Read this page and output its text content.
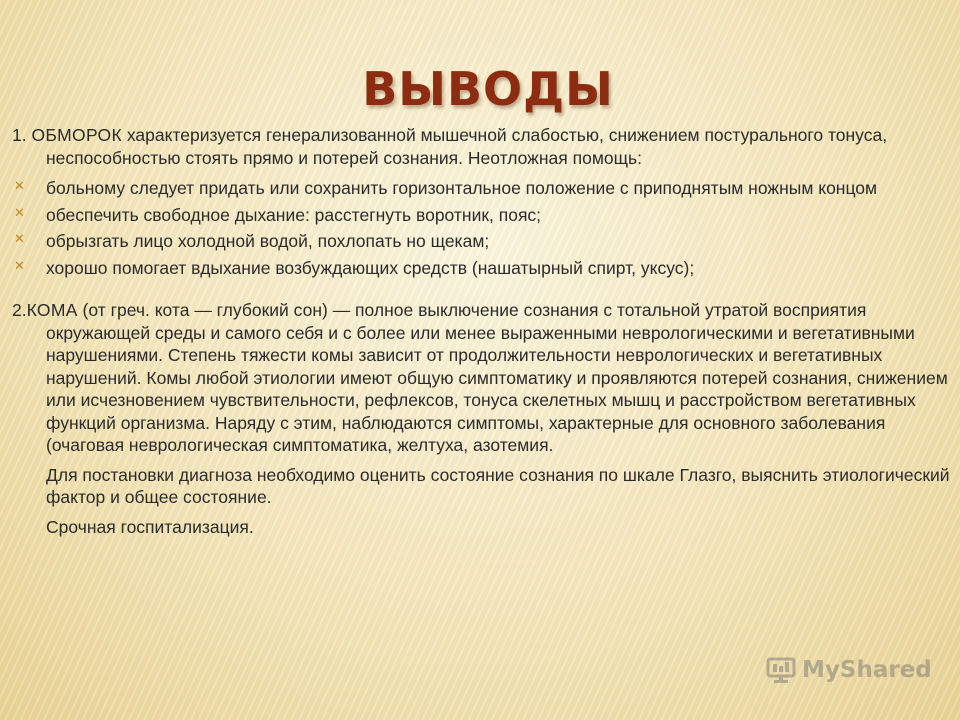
ВЫВОДЫ

1. ОБМОРОК характеризуется генерализованной мышечной слабостью, снижением постурального тонуса, неспособностью стоять прямо и потерей сознания. Неотложная помощь:

✕ больному следует придать или сохранить горизонтальное положение с приподнятым ножным концом
✕ обеспечить свободное дыхание: расстегнуть воротник, пояс;
✕ обрызгать лицо холодной водой, похлопать но щекам;
✕ хорошо помогает вдыхание возбуждающих средств (нашатырный спирт, уксус);

2.КОМА (от греч. кота — глубокий сон) — полное выключение сознания с тотальной утратой восприятия окружающей среды и самого себя и с более или менее выраженными неврологическими и вегетативными нарушениями. Степень тяжести комы зависит от продолжительности неврологических и вегетативных нарушений. Комы любой этиологии имеют общую симптоматику и проявляются потерей сознания, снижением или исчезновением чувствительности, рефлексов, тонуса скелетных мышц и расстройством вегетативных функций организма. Наряду с этим, наблюдаются симптомы, характерные для основного заболевания (очаговая неврологическая симптоматика, желтуха, азотемия.

Для постановки диагноза необходимо оценить состояние сознания по шкале Глазго, выяснить этиологический фактор и общее состояние.

Срочная госпитализация.

MyShared
